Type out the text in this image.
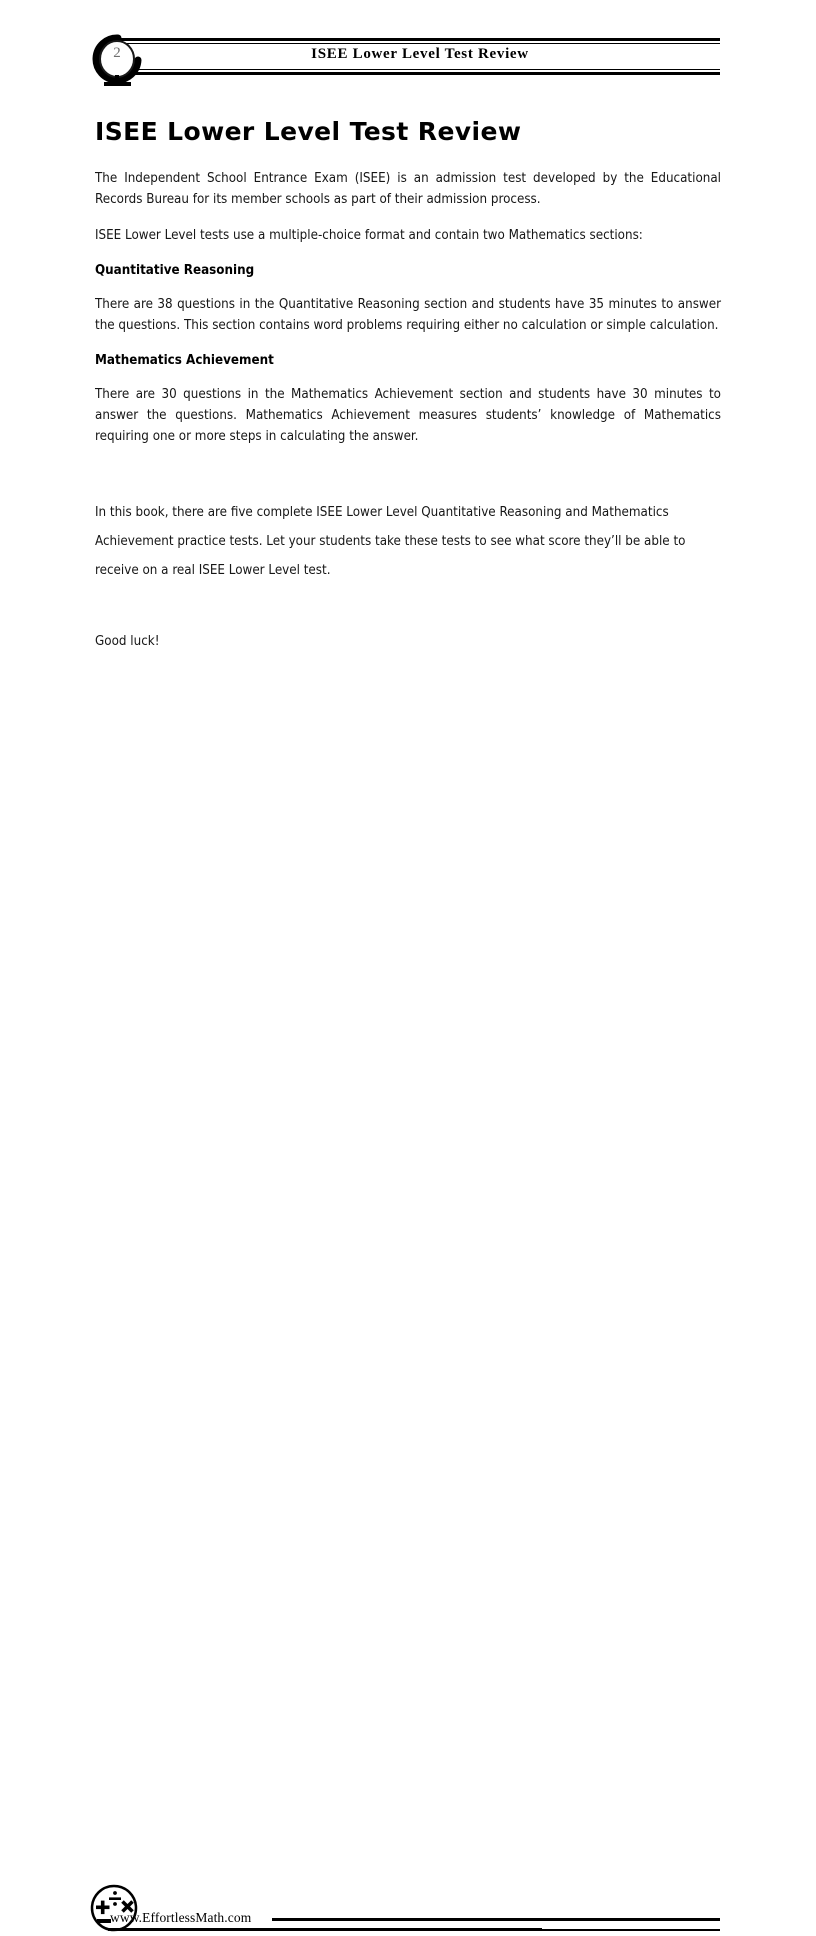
ISEE Lower Level Test Review
2
ISEE Lower Level Test Review

The Independent School Entrance Exam (ISEE) is an admission test developed by the Educational Records Bureau for its member schools as part of their admission process.

ISEE Lower Level tests use a multiple-choice format and contain two Mathematics sections:

Quantitative Reasoning

There are 38 questions in the Quantitative Reasoning section and students have 35 minutes to answer the questions. This section contains word problems requiring either no calculation or simple calculation.

Mathematics Achievement

There are 30 questions in the Mathematics Achievement section and students have 30 minutes to answer the questions. Mathematics Achievement measures students’ knowledge of Mathematics requiring one or more steps in calculating the answer.

In this book, there are five complete ISEE Lower Level Quantitative Reasoning and Mathematics Achievement practice tests. Let your students take these tests to see what score they’ll be able to receive on a real ISEE Lower Level test.

Good luck!
www.EffortlessMath.com
